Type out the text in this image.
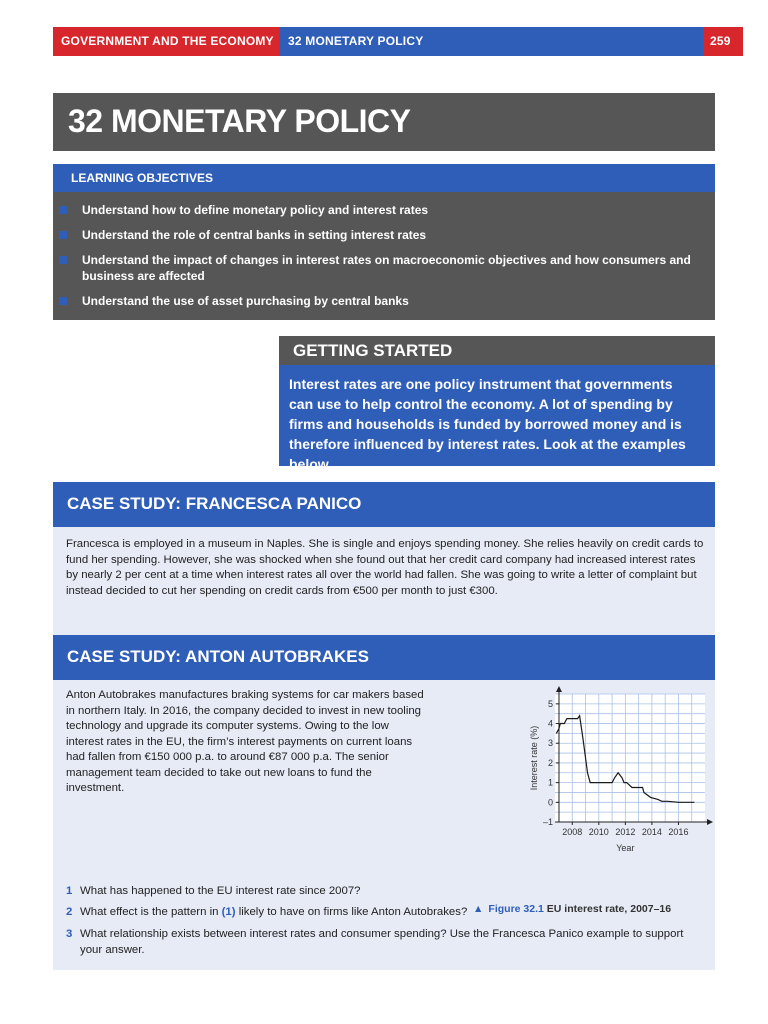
GOVERNMENT AND THE ECONOMY 32 MONETARY POLICY	259
32 MONETARY POLICY
LEARNING OBJECTIVES
Understand how to define monetary policy and interest rates
Understand the role of central banks in setting interest rates
Understand the impact of changes in interest rates on macroeconomic objectives and how consumers and business are affected
Understand the use of asset purchasing by central banks
GETTING STARTED
Interest rates are one policy instrument that governments can use to help control the economy. A lot of spending by firms and households is funded by borrowed money and is therefore influenced by interest rates. Look at the examples below.
CASE STUDY: FRANCESCA PANICO
Francesca is employed in a museum in Naples. She is single and enjoys spending money. She relies heavily on credit cards to fund her spending. However, she was shocked when she found out that her credit card company had increased interest rates by nearly 2 per cent at a time when interest rates all over the world had fallen. She was going to write a letter of complaint but instead decided to cut her spending on credit cards from €500 per month to just €300.
CASE STUDY: ANTON AUTOBRAKES
Anton Autobrakes manufactures braking systems for car makers based in northern Italy. In 2016, the company decided to invest in new tooling technology and upgrade its computer systems. Owing to the low interest rates in the EU, the firm’s interest payments on current loans had fallen from €150 000 p.a. to around €87 000 p.a. The senior management team decided to take out new loans to fund the investment.
–1
0
1
2
3
4
5
2008 2010 2012 2014 2016
Year
Interest rate (%)
▲ Figure 32.1 EU interest rate, 2007–16
1 What has happened to the EU interest rate since 2007?
2 What effect is the pattern in (1) likely to have on firms like Anton Autobrakes?
3 What relationship exists between interest rates and consumer spending? Use the Francesca Panico example to support your answer.
